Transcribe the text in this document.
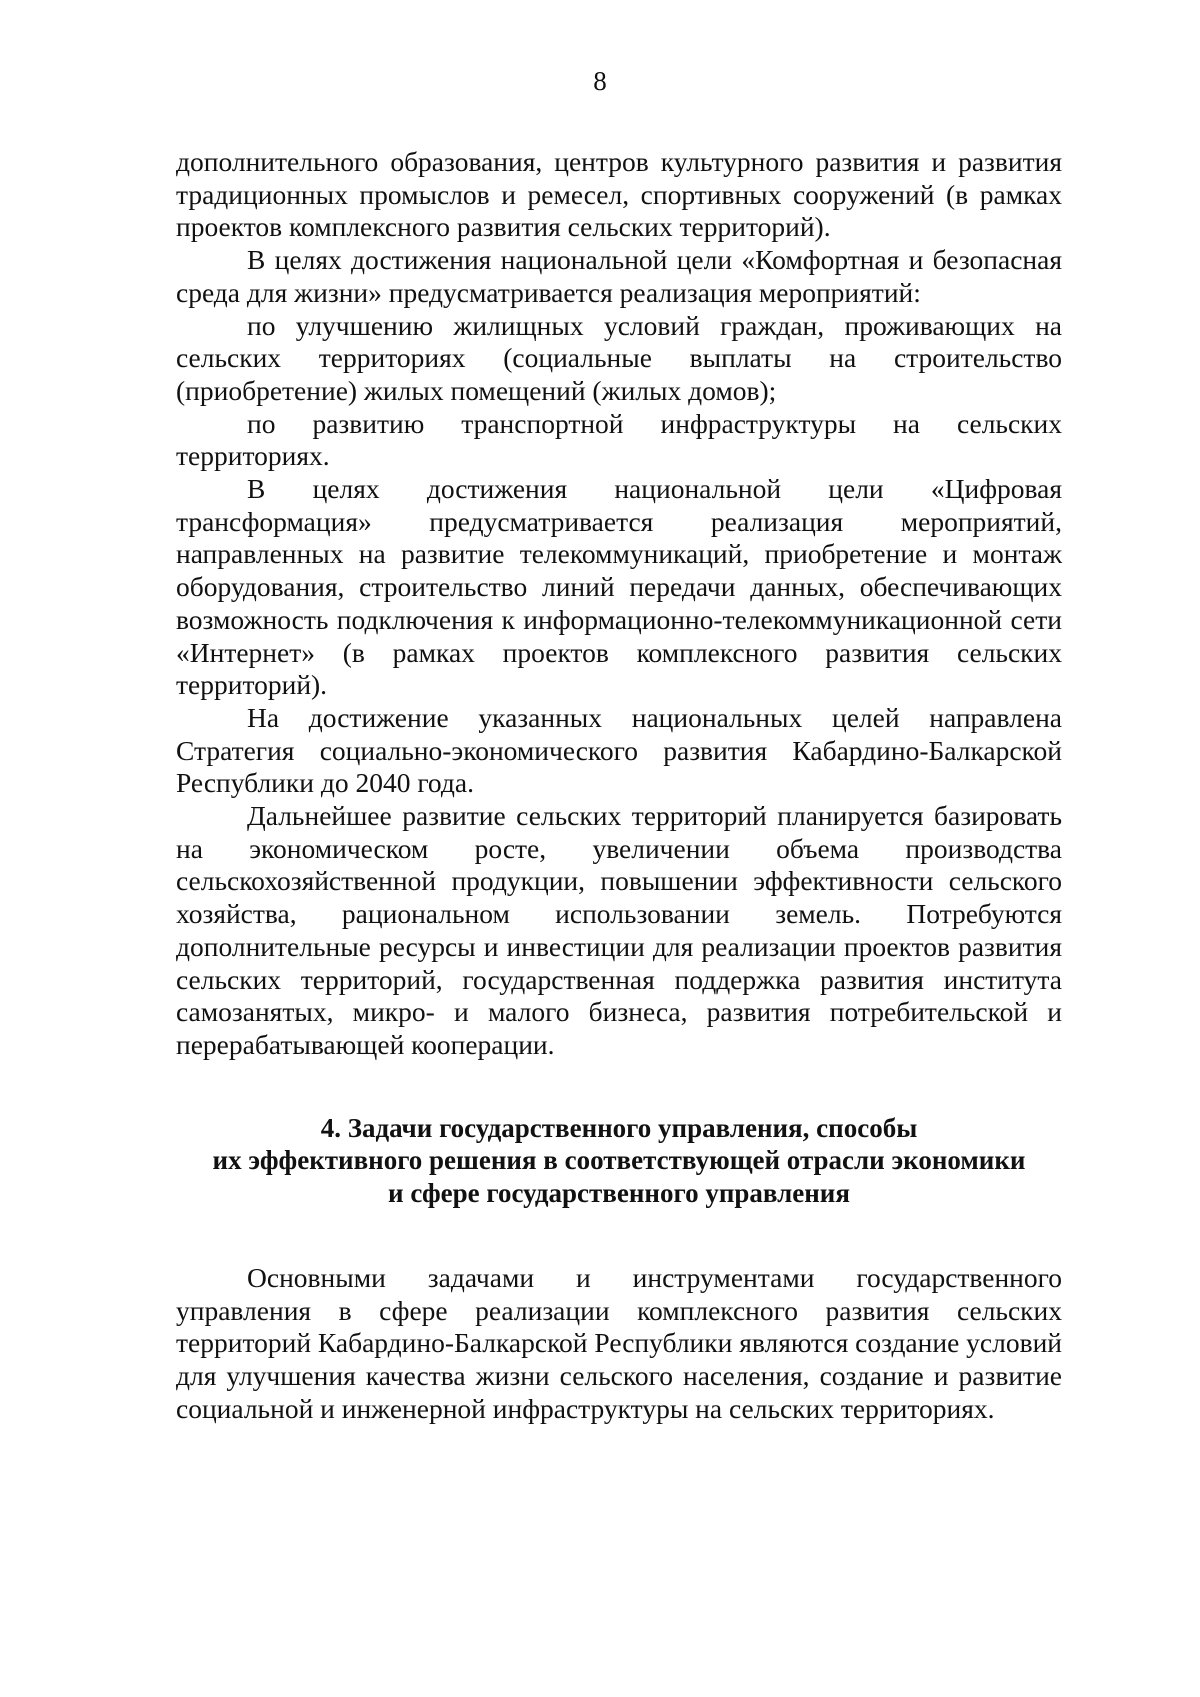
8

дополнительного образования, центров культурного развития и развития традиционных промыслов и ремесел, спортивных сооружений (в рамках проектов комплексного развития сельских территорий).

В целях достижения национальной цели «Комфортная и безопасная среда для жизни» предусматривается реализация мероприятий:

по улучшению жилищных условий граждан, проживающих на сельских территориях (социальные выплаты на строительство (приобретение) жилых помещений (жилых домов);

по развитию транспортной инфраструктуры на сельских территориях.

В целях достижения национальной цели «Цифровая трансформация» предусматривается реализация мероприятий, направленных на развитие телекоммуникаций, приобретение и монтаж оборудования, строительство линий передачи данных, обеспечивающих возможность подключения к информационно-телекоммуникационной сети «Интернет» (в рамках проектов комплексного развития сельских территорий).

На достижение указанных национальных целей направлена Стратегия социально-экономического развития Кабардино-Балкарской Республики до 2040 года.

Дальнейшее развитие сельских территорий планируется базировать на экономическом росте, увеличении объема производства сельскохозяйственной продукции, повышении эффективности сельского хозяйства, рациональном использовании земель. Потребуются дополнительные ресурсы и инвестиции для реализации проектов развития сельских территорий, государственная поддержка развития института самозанятых, микро- и малого бизнеса, развития потребительской и перерабатывающей кооперации.

4. Задачи государственного управления, способы
их эффективного решения в соответствующей отрасли экономики
и сфере государственного управления

Основными задачами и инструментами государственного управления в сфере реализации комплексного развития сельских территорий Кабардино-Балкарской Республики являются создание условий для улучшения качества жизни сельского населения, создание и развитие социальной и инженерной инфраструктуры на сельских территориях.
